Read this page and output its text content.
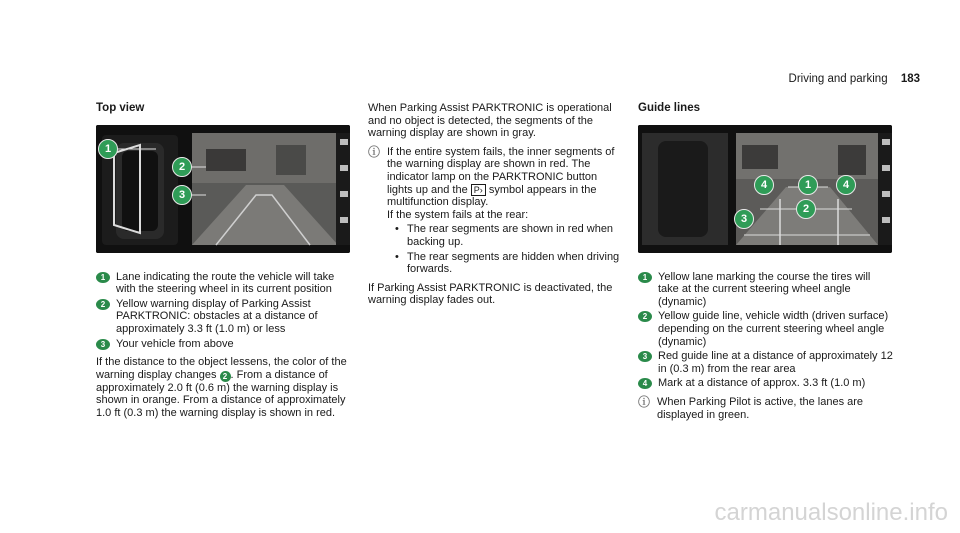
Driving and parking 183
Top view
1
2
3
1 Lane indicating the route the vehicle will take with the steering wheel in its current position
2 Yellow warning display of Parking Assist PARKTRONIC: obstacles at a distance of approximately 3.3 ft (1.0 m) or less
3 Your vehicle from above

If the distance to the object lessens, the color of the warning display changes 2 . From a distance of approximately 2.0 ft (0.6 m) the warning display is shown in orange. From a distance of approximately 1.0 ft (0.3 m) the warning display is shown in red.

When Parking Assist PARKTRONIC is operational and no object is detected, the segments of the warning display are shown in gray.

ⓘ If the entire system fails, the inner segments of the warning display are shown in red. The indicator lamp on the PARKTRONIC button lights up and the P› symbol appears in the multifunction display.
If the system fails at the rear:
• The rear segments are shown in red when backing up.
• The rear segments are hidden when driving forwards.

If Parking Assist PARKTRONIC is deactivated, the warning display fades out.

Guide lines
4	1	4
2
3
1 Yellow lane marking the course the tires will take at the current steering wheel angle (dynamic)
2 Yellow guide line, vehicle width (driven surface) depending on the current steering wheel angle (dynamic)
3 Red guide line at a distance of approximately 12 in (0.3 m) from the rear area
4 Mark at a distance of approx. 3.3 ft (1.0 m)
ⓘ When Parking Pilot is active, the lanes are displayed in green.
carmanualsonline.info
